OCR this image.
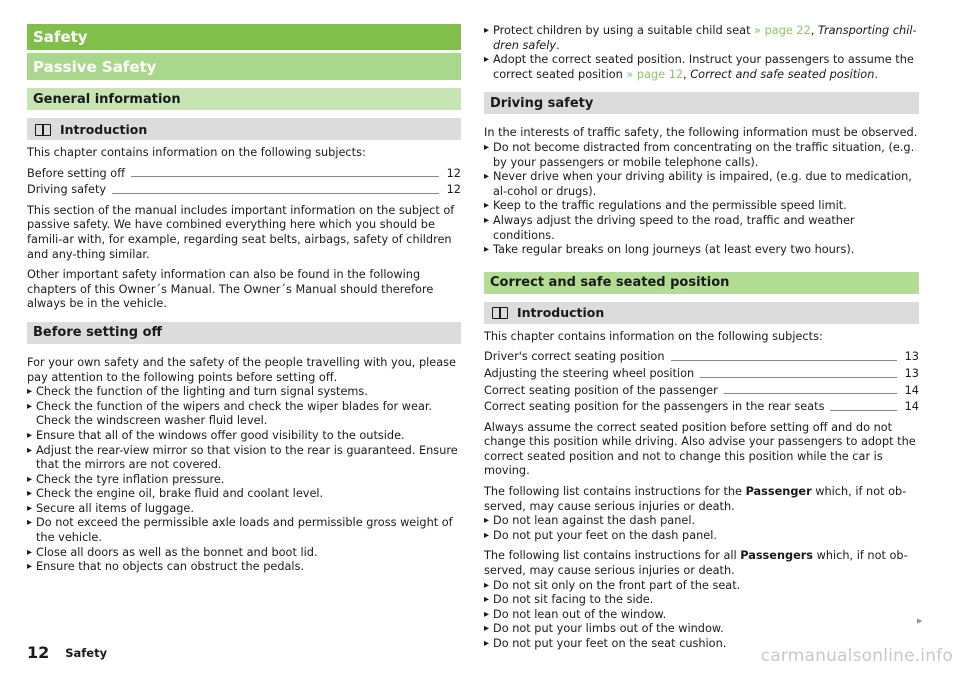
Safety
Passive Safety
General information
Introduction

This chapter contains information on the following subjects:

Before setting off	12
Driving safety	12

This section of the manual includes important information on the subject of passive safety. We have combined everything here which you should be famili-ar with, for example, regarding seat belts, airbags, safety of children and any-thing similar.

Other important safety information can also be found in the following chapters of this Owner´s Manual. The Owner´s Manual should therefore always be in the vehicle.

Before setting off

For your own safety and the safety of the people travelling with you, please pay attention to the following points before setting off.

▸ Check the function of the lighting and turn signal systems.
▸ Check the function of the wipers and check the wiper blades for wear. Check the windscreen washer fluid level.
▸ Ensure that all of the windows offer good visibility to the outside.
▸ Adjust the rear-view mirror so that vision to the rear is guaranteed. Ensure that the mirrors are not covered.
▸ Check the tyre inflation pressure.
▸ Check the engine oil, brake fluid and coolant level.
▸ Secure all items of luggage.
▸ Do not exceed the permissible axle loads and permissible gross weight of the vehicle.
▸ Close all doors as well as the bonnet and boot lid.
▸ Ensure that no objects can obstruct the pedals.
▸ Protect children by using a suitable child seat » page 22, Transporting chil-dren safely.
▸ Adopt the correct seated position. Instruct your passengers to assume the correct seated position » page 12, Correct and safe seated position.
Driving safety

In the interests of traffic safety, the following information must be observed.

▸ Do not become distracted from concentrating on the traffic situation, (e.g. by your passengers or mobile telephone calls).
▸ Never drive when your driving ability is impaired, (e.g. due to medication, al-cohol or drugs).
▸ Keep to the traffic regulations and the permissible speed limit.
▸ Always adjust the driving speed to the road, traffic and weather conditions.
▸ Take regular breaks on long journeys (at least every two hours).
Correct and safe seated position
Introduction

This chapter contains information on the following subjects:

Driver's correct seating position	13
Adjusting the steering wheel position	13
Correct seating position of the passenger	14
Correct seating position for the passengers in the rear seats	14

Always assume the correct seated position before setting off and do not change this position while driving. Also advise your passengers to adopt the correct seated position and not to change this position while the car is moving.

The following list contains instructions for the Passenger which, if not ob-served, may cause serious injuries or death.

▸ Do not lean against the dash panel.
▸ Do not put your feet on the dash panel.

The following list contains instructions for all Passengers which, if not ob-served, may cause serious injuries or death.

▸ Do not sit only on the front part of the seat.
▸ Do not sit facing to the side.
▸ Do not lean out of the window.
▸ Do not put your limbs out of the window.
▸ Do not put your feet on the seat cushion.
▸
12 Safety	carmanualsonline.info
